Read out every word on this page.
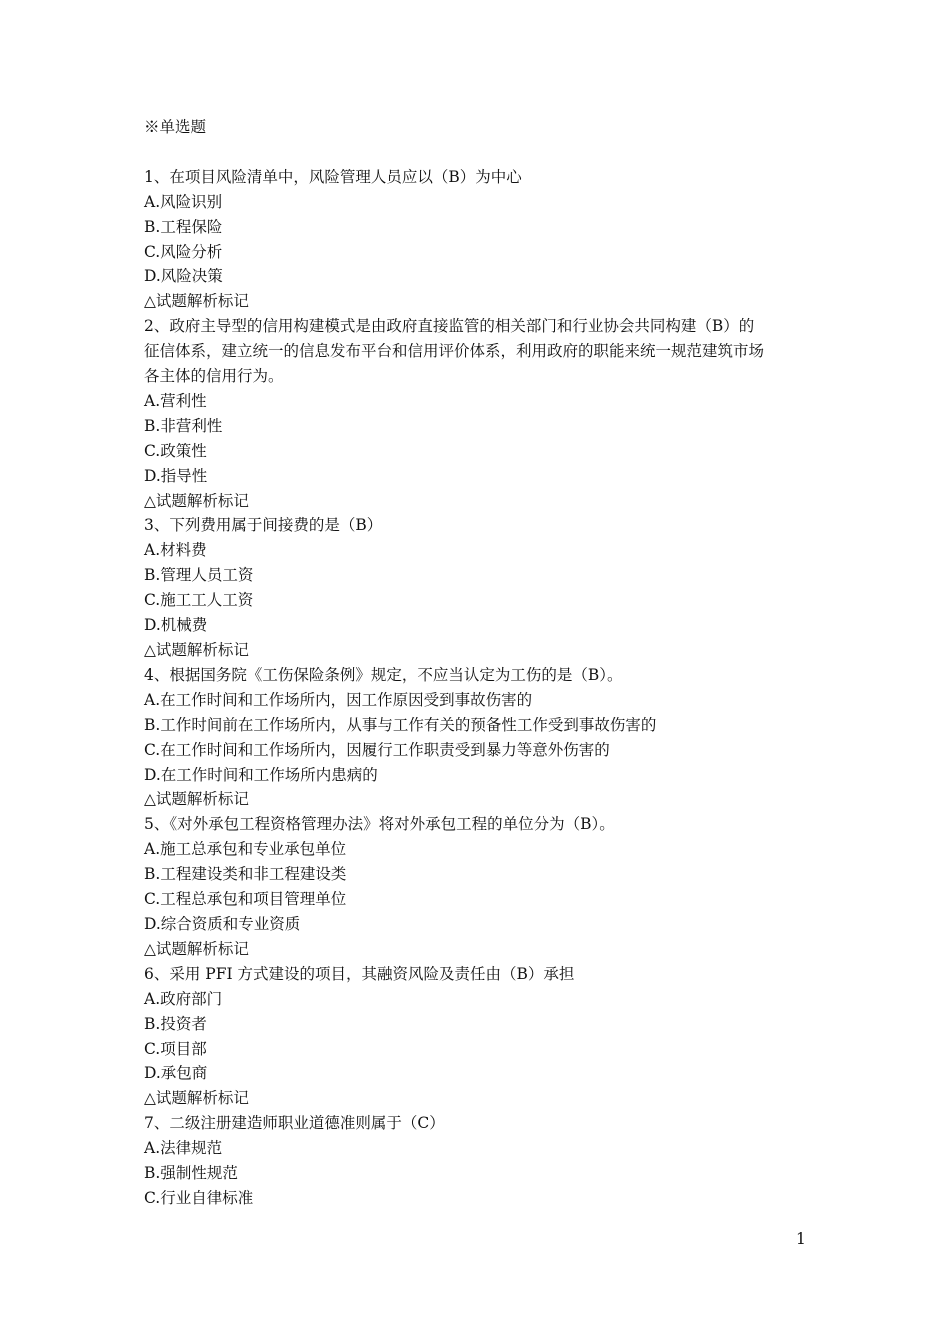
※单选题

1、在项目风险清单中，风险管理人员应以（B）为中心

A.风险识别

B.工程保险

C.风险分析

D.风险决策

△试题解析标记

2、政府主导型的信用构建模式是由政府直接监管的相关部门和行业协会共同构建（B）的

征信体系，建立统一的信息发布平台和信用评价体系，利用政府的职能来统一规范建筑市场

各主体的信用行为。

A.营利性

B.非营利性

C.政策性

D.指导性

△试题解析标记

3、下列费用属于间接费的是（B）

A.材料费

B.管理人员工资

C.施工工人工资

D.机械费

△试题解析标记

4、根据国务院《工伤保险条例》规定，不应当认定为工伤的是（B）。

A.在工作时间和工作场所内，因工作原因受到事故伤害的

B.工作时间前在工作场所内，从事与工作有关的预备性工作受到事故伤害的

C.在工作时间和工作场所内，因履行工作职责受到暴力等意外伤害的

D.在工作时间和工作场所内患病的

△试题解析标记

5、《对外承包工程资格管理办法》将对外承包工程的单位分为（B）。

A.施工总承包和专业承包单位

B.工程建设类和非工程建设类

C.工程总承包和项目管理单位

D.综合资质和专业资质

△试题解析标记

6、采用 PFI 方式建设的项目，其融资风险及责任由（B）承担

A.政府部门

B.投资者

C.项目部

D.承包商

△试题解析标记

7、二级注册建造师职业道德准则属于（C）

A.法律规范

B.强制性规范

C.行业自律标准

1
